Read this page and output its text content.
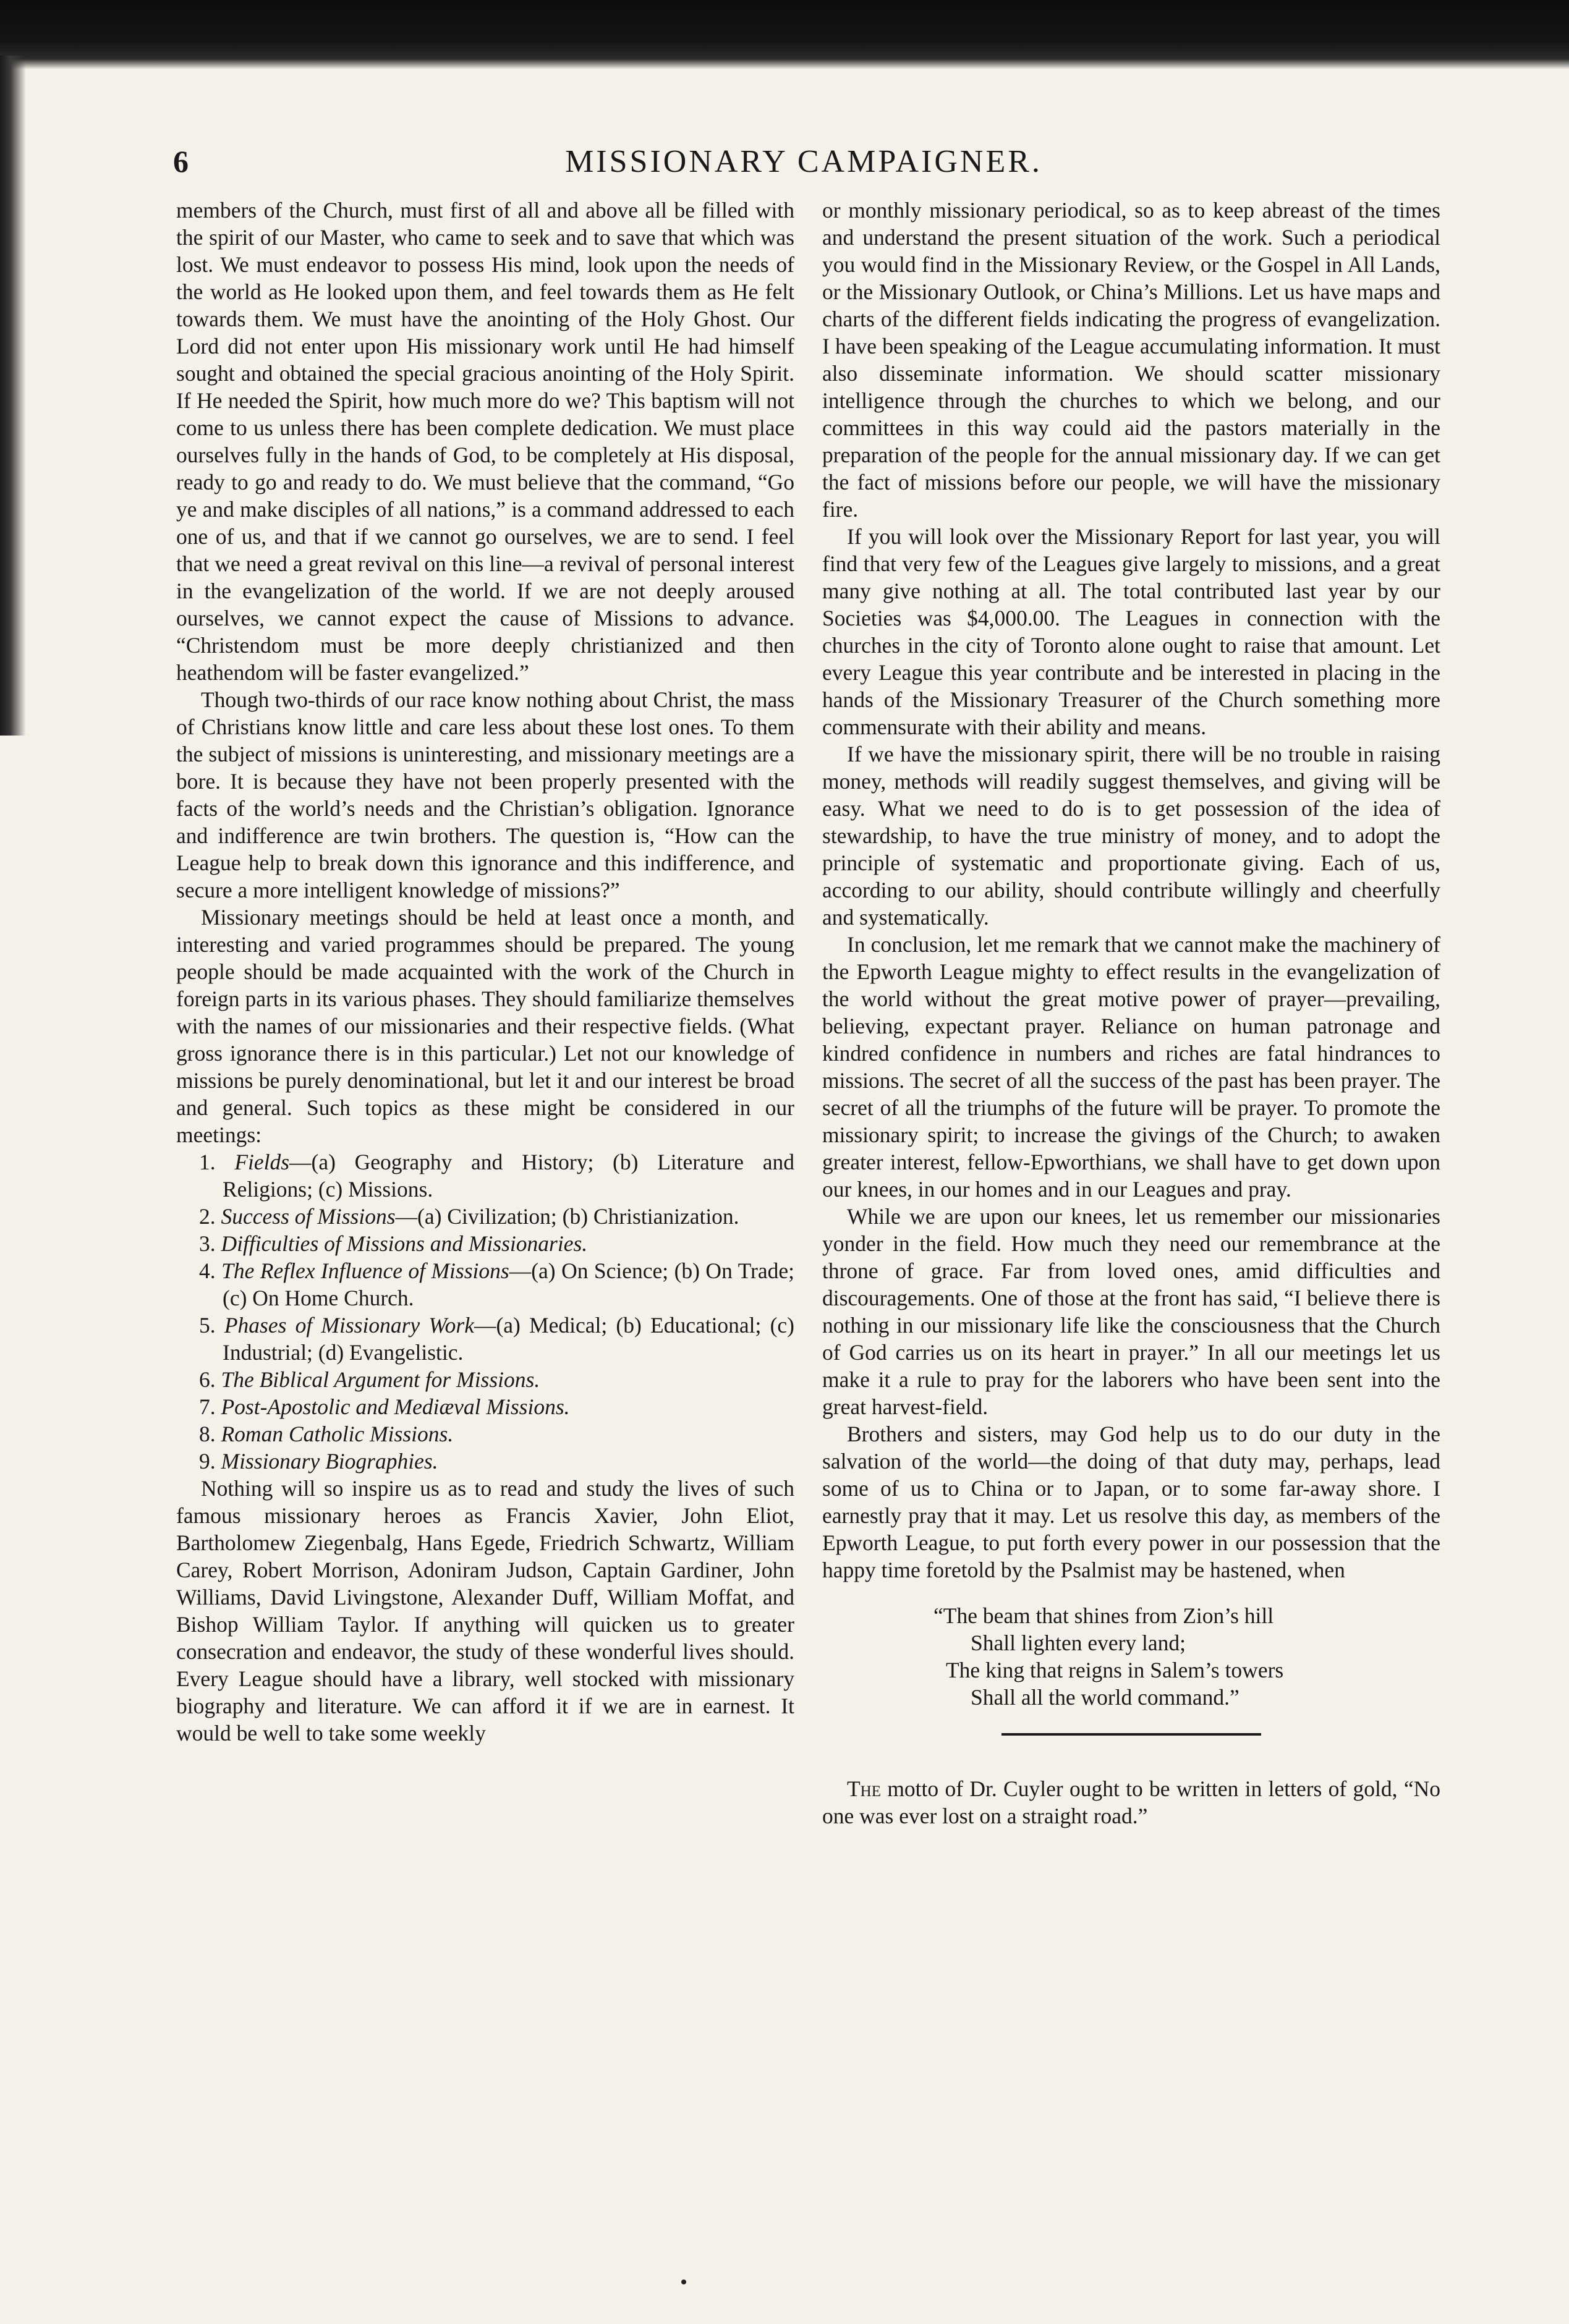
6	MISSIONARY CAMPAIGNER.

members of the Church, must first of all and above all be filled with the spirit of our Master, who came to seek and to save that which was lost. We must endeavor to possess His mind, look upon the needs of the world as He looked upon them, and feel towards them as He felt towards them. We must have the anointing of the Holy Ghost. Our Lord did not enter upon His missionary work until He had himself sought and obtained the special gracious anointing of the Holy Spirit. If He needed the Spirit, how much more do we? This baptism will not come to us unless there has been complete dedication. We must place ourselves fully in the hands of God, to be completely at His disposal, ready to go and ready to do. We must believe that the command, “Go ye and make disciples of all nations,” is a command addressed to each one of us, and that if we cannot go ourselves, we are to send. I feel that we need a great revival on this line—a revival of personal interest in the evangelization of the world. If we are not deeply aroused ourselves, we cannot expect the cause of Missions to advance. “Christendom must be more deeply christianized and then heathendom will be faster evangelized.”

Though two-thirds of our race know nothing about Christ, the mass of Christians know little and care less about these lost ones. To them the subject of missions is uninteresting, and missionary meetings are a bore. It is because they have not been properly presented with the facts of the world’s needs and the Christian’s obligation. Ignorance and indifference are twin brothers. The question is, “How can the League help to break down this ignorance and this indifference, and secure a more intelligent knowledge of missions?”

Missionary meetings should be held at least once a month, and interesting and varied programmes should be prepared. The young people should be made acquainted with the work of the Church in foreign parts in its various phases. They should familiarize themselves with the names of our missionaries and their respective fields. (What gross ignorance there is in this particular.) Let not our knowledge of missions be purely denominational, but let it and our interest be broad and general. Such topics as these might be considered in our meetings:

1. Fields—(a) Geography and History; (b) Literature and Religions; (c) Missions.
2. Success of Missions—(a) Civilization; (b) Christianization.
3. Difficulties of Missions and Missionaries.
4. The Reflex Influence of Missions—(a) On Science; (b) On Trade; (c) On Home Church.
5. Phases of Missionary Work—(a) Medical; (b) Educational; (c) Industrial; (d) Evangelistic.
6. The Biblical Argument for Missions.
7. Post-Apostolic and Mediæval Missions.
8. Roman Catholic Missions.
9. Missionary Biographies.

Nothing will so inspire us as to read and study the lives of such famous missionary heroes as Francis Xavier, John Eliot, Bartholomew Ziegenbalg, Hans Egede, Friedrich Schwartz, William Carey, Robert Morrison, Adoniram Judson, Captain Gardiner, John Williams, David Livingstone, Alexander Duff, William Moffat, and Bishop William Taylor. If anything will quicken us to greater consecration and endeavor, the study of these wonderful lives should. Every League should have a library, well stocked with missionary biography and literature. We can afford it if we are in earnest. It would be well to take some weekly

or monthly missionary periodical, so as to keep abreast of the times and understand the present situation of the work. Such a periodical you would find in the Missionary Review, or the Gospel in All Lands, or the Missionary Outlook, or China’s Millions. Let us have maps and charts of the different fields indicating the progress of evangelization. I have been speaking of the League accumulating information. It must also disseminate information. We should scatter missionary intelligence through the churches to which we belong, and our committees in this way could aid the pastors materially in the preparation of the people for the annual missionary day. If we can get the fact of missions before our people, we will have the missionary fire.

If you will look over the Missionary Report for last year, you will find that very few of the Leagues give largely to missions, and a great many give nothing at all. The total contributed last year by our Societies was $4,000.00. The Leagues in connection with the churches in the city of Toronto alone ought to raise that amount. Let every League this year contribute and be interested in placing in the hands of the Missionary Treasurer of the Church something more commensurate with their ability and means.

If we have the missionary spirit, there will be no trouble in raising money, methods will readily suggest themselves, and giving will be easy. What we need to do is to get possession of the idea of stewardship, to have the true ministry of money, and to adopt the principle of systematic and proportionate giving. Each of us, according to our ability, should contribute willingly and cheerfully and systematically.

In conclusion, let me remark that we cannot make the machinery of the Epworth League mighty to effect results in the evangelization of the world without the great motive power of prayer—prevailing, believing, expectant prayer. Reliance on human patronage and kindred confidence in numbers and riches are fatal hindrances to missions. The secret of all the success of the past has been prayer. The secret of all the triumphs of the future will be prayer. To promote the missionary spirit; to increase the givings of the Church; to awaken greater interest, fellow-Epworthians, we shall have to get down upon our knees, in our homes and in our Leagues and pray.

While we are upon our knees, let us remember our missionaries yonder in the field. How much they need our remembrance at the throne of grace. Far from loved ones, amid difficulties and discouragements. One of those at the front has said, “I believe there is nothing in our missionary life like the consciousness that the Church of God carries us on its heart in prayer.” In all our meetings let us make it a rule to pray for the laborers who have been sent into the great harvest-field.

Brothers and sisters, may God help us to do our duty in the salvation of the world—the doing of that duty may, perhaps, lead some of us to China or to Japan, or to some far-away shore. I earnestly pray that it may. Let us resolve this day, as members of the Epworth League, to put forth every power in our possession that the happy time foretold by the Psalmist may be hastened, when

“The beam that shines from Zion’s hill
Shall lighten every land;
The king that reigns in Salem’s towers
Shall all the world command.”

The motto of Dr. Cuyler ought to be written in letters of gold, “No one was ever lost on a straight road.”
